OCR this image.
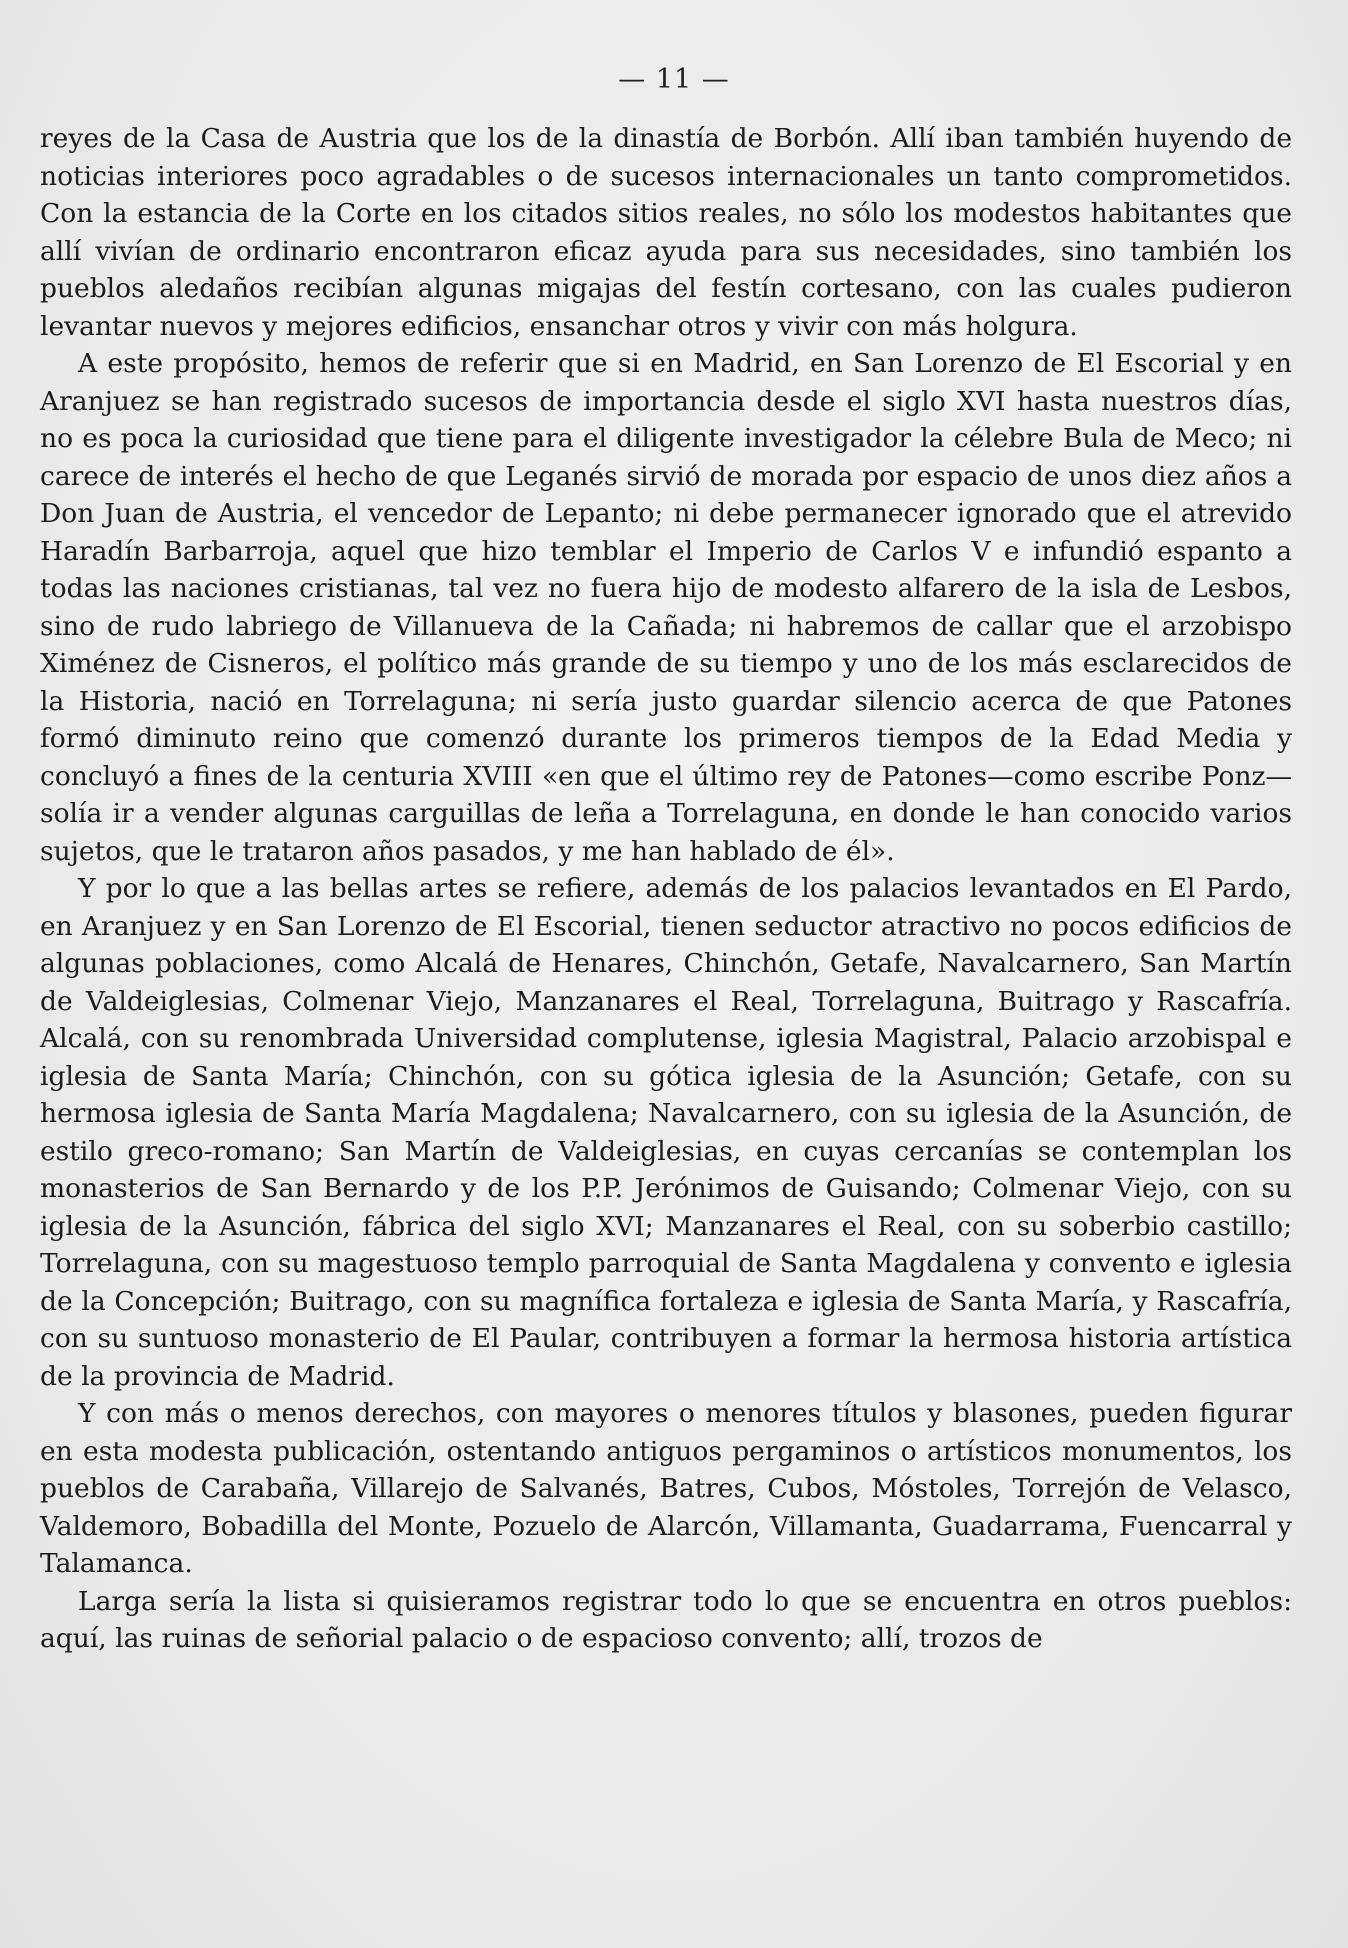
— 11 —

reyes de la Casa de Austria que los de la dinastía de Borbón. Allí iban también huyendo de noticias interiores poco agradables o de sucesos internacionales un tanto comprometidos. Con la estancia de la Corte en los citados sitios reales, no sólo los modestos habitantes que allí vivían de ordinario encontraron eficaz ayuda para sus necesidades, sino también los pueblos aledaños recibían algunas migajas del festín cortesano, con las cuales pudieron levantar nuevos y mejores edificios, ensanchar otros y vivir con más holgura.

A este propósito, hemos de referir que si en Madrid, en San Lorenzo de El Escorial y en Aranjuez se han registrado sucesos de importancia desde el siglo XVI hasta nuestros días, no es poca la curiosidad que tiene para el diligente investigador la célebre Bula de Meco; ni carece de interés el hecho de que Leganés sirvió de morada por espacio de unos diez años a Don Juan de Austria, el vencedor de Lepanto; ni debe permanecer ignorado que el atrevido Haradín Barbarroja, aquel que hizo temblar el Imperio de Carlos V e infundió espanto a todas las naciones cristianas, tal vez no fuera hijo de modesto alfarero de la isla de Lesbos, sino de rudo labriego de Villanueva de la Cañada; ni habremos de callar que el arzobispo Ximénez de Cisneros, el político más grande de su tiempo y uno de los más esclarecidos de la Historia, nació en Torrelaguna; ni sería justo guardar silencio acerca de que Patones formó diminuto reino que comenzó durante los primeros tiempos de la Edad Media y concluyó a fines de la centuria XVIII «en que el último rey de Patones—como escribe Ponz—solía ir a vender algunas carguillas de leña a Torrelaguna, en donde le han conocido varios sujetos, que le trataron años pasados, y me han hablado de él».

Y por lo que a las bellas artes se refiere, además de los palacios levantados en El Pardo, en Aranjuez y en San Lorenzo de El Escorial, tienen seductor atractivo no pocos edificios de algunas poblaciones, como Alcalá de Henares, Chinchón, Getafe, Navalcarnero, San Martín de Valdeiglesias, Colmenar Viejo, Manzanares el Real, Torrelaguna, Buitrago y Rascafría. Alcalá, con su renombrada Universidad complutense, iglesia Magistral, Palacio arzobispal e iglesia de Santa María; Chinchón, con su gótica iglesia de la Asunción; Getafe, con su hermosa iglesia de Santa María Magdalena; Navalcarnero, con su iglesia de la Asunción, de estilo greco-romano; San Martín de Valdeiglesias, en cuyas cercanías se contemplan los monasterios de San Bernardo y de los P.P. Jerónimos de Guisando; Colmenar Viejo, con su iglesia de la Asunción, fábrica del siglo XVI; Manzanares el Real, con su soberbio castillo; Torrelaguna, con su magestuoso templo parroquial de Santa Magdalena y convento e iglesia de la Concepción; Buitrago, con su magnífica fortaleza e iglesia de Santa María, y Rascafría, con su suntuoso monasterio de El Paular, contribuyen a formar la hermosa historia artística de la provincia de Madrid.

Y con más o menos derechos, con mayores o menores títulos y blasones, pueden figurar en esta modesta publicación, ostentando antiguos pergaminos o artísticos monumentos, los pueblos de Carabaña, Villarejo de Salvanés, Batres, Cubos, Móstoles, Torrejón de Velasco, Valdemoro, Bobadilla del Monte, Pozuelo de Alarcón, Villamanta, Guadarrama, Fuencarral y Talamanca.

Larga sería la lista si quisieramos registrar todo lo que se encuentra en otros pueblos: aquí, las ruinas de señorial palacio o de espacioso convento; allí, trozos de
